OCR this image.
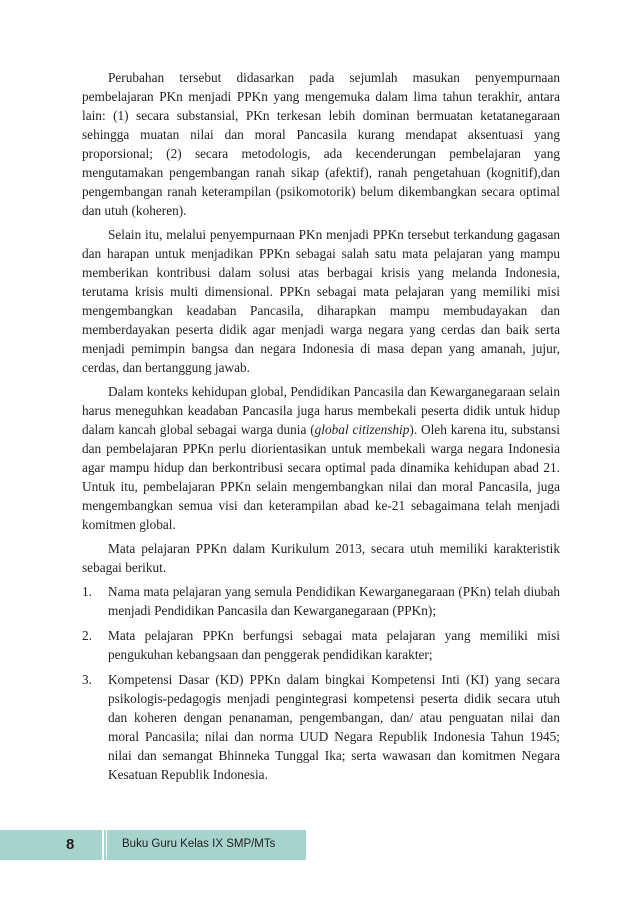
Perubahan tersebut didasarkan pada sejumlah masukan penyempurnaan pembelajaran PKn menjadi PPKn yang mengemuka dalam lima tahun terakhir, antara lain: (1) secara substansial, PKn terkesan lebih dominan bermuatan ketatanegaraan sehingga muatan nilai dan moral Pancasila kurang mendapat aksentuasi yang proporsional; (2) secara metodologis, ada kecenderungan pembelajaran yang mengutamakan pengembangan ranah sikap (afektif), ranah pengetahuan (kognitif),dan pengembangan ranah keterampilan (psikomotorik) belum dikembangkan secara optimal dan utuh (koheren).

Selain itu, melalui penyempurnaan PKn menjadi PPKn tersebut terkandung gagasan dan harapan untuk menjadikan PPKn sebagai salah satu mata pelajaran yang mampu memberikan kontribusi dalam solusi atas berbagai krisis yang melanda Indonesia, terutama krisis multi dimensional. PPKn sebagai mata pelajaran yang memiliki misi mengembangkan keadaban Pancasila, diharapkan mampu membudayakan dan memberdayakan peserta didik agar menjadi warga negara yang cerdas dan baik serta menjadi pemimpin bangsa dan negara Indonesia di masa depan yang amanah, jujur, cerdas, dan bertanggung jawab.

Dalam konteks kehidupan global, Pendidikan Pancasila dan Kewarganegaraan selain harus meneguhkan keadaban Pancasila juga harus membekali peserta didik untuk hidup dalam kancah global sebagai warga dunia (global citizenship). Oleh karena itu, substansi dan pembelajaran PPKn perlu diorientasikan untuk membekali warga negara Indonesia agar mampu hidup dan berkontribusi secara optimal pada dinamika kehidupan abad 21. Untuk itu, pembelajaran PPKn selain mengembangkan nilai dan moral Pancasila, juga mengembangkan semua visi dan keterampilan abad ke-21 sebagaimana telah menjadi komitmen global.

Mata pelajaran PPKn dalam Kurikulum 2013, secara utuh memiliki karakteristik sebagai berikut.

1. Nama mata pelajaran yang semula Pendidikan Kewarganegaraan (PKn) telah diubah menjadi Pendidikan Pancasila dan Kewarganegaraan (PPKn);
2. Mata pelajaran PPKn berfungsi sebagai mata pelajaran yang memiliki misi pengukuhan kebangsaan dan penggerak pendidikan karakter;
3. Kompetensi Dasar (KD) PPKn dalam bingkai Kompetensi Inti (KI) yang secara psikologis-pedagogis menjadi pengintegrasi kompetensi peserta didik secara utuh dan koheren dengan penanaman, pengembangan, dan/ atau penguatan nilai dan moral Pancasila; nilai dan norma UUD Negara Republik Indonesia Tahun 1945; nilai dan semangat Bhinneka Tunggal Ika; serta wawasan dan komitmen Negara Kesatuan Republik Indonesia.
8	Buku Guru Kelas IX SMP/MTs
